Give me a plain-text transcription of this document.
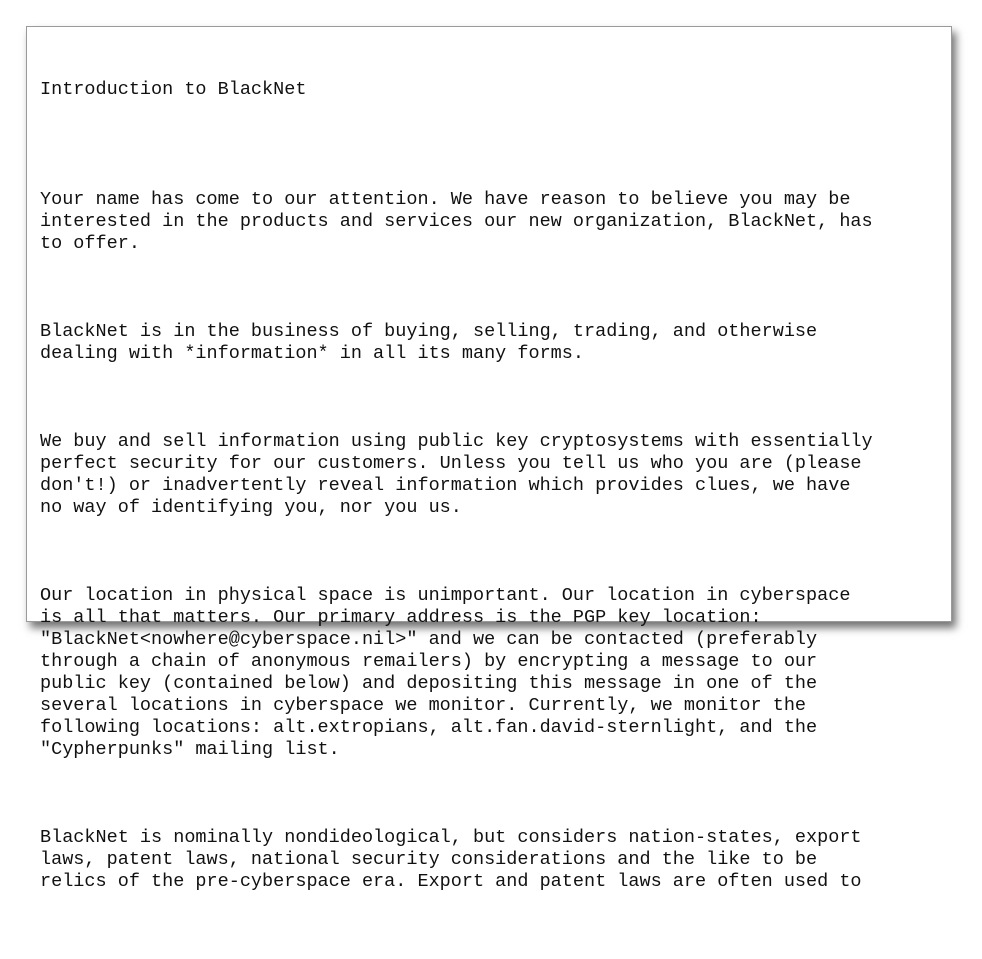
Introduction to BlackNet

Your name has come to our attention. We have reason to believe you may be
interested in the products and services our new organization, BlackNet, has
to offer.

BlackNet is in the business of buying, selling, trading, and otherwise
dealing with *information* in all its many forms.

We buy and sell information using public key cryptosystems with essentially
perfect security for our customers. Unless you tell us who you are (please
don't!) or inadvertently reveal information which provides clues, we have
no way of identifying you, nor you us.

Our location in physical space is unimportant. Our location in cyberspace
is all that matters. Our primary address is the PGP key location:
"BlackNet<nowhere@cyberspace.nil>" and we can be contacted (preferably
through a chain of anonymous remailers) by encrypting a message to our
public key (contained below) and depositing this message in one of the
several locations in cyberspace we monitor. Currently, we monitor the
following locations: alt.extropians, alt.fan.david-sternlight, and the
"Cypherpunks" mailing list.

BlackNet is nominally nondideological, but considers nation-states, export
laws, patent laws, national security considerations and the like to be
relics of the pre-cyberspace era. Export and patent laws are often used to
